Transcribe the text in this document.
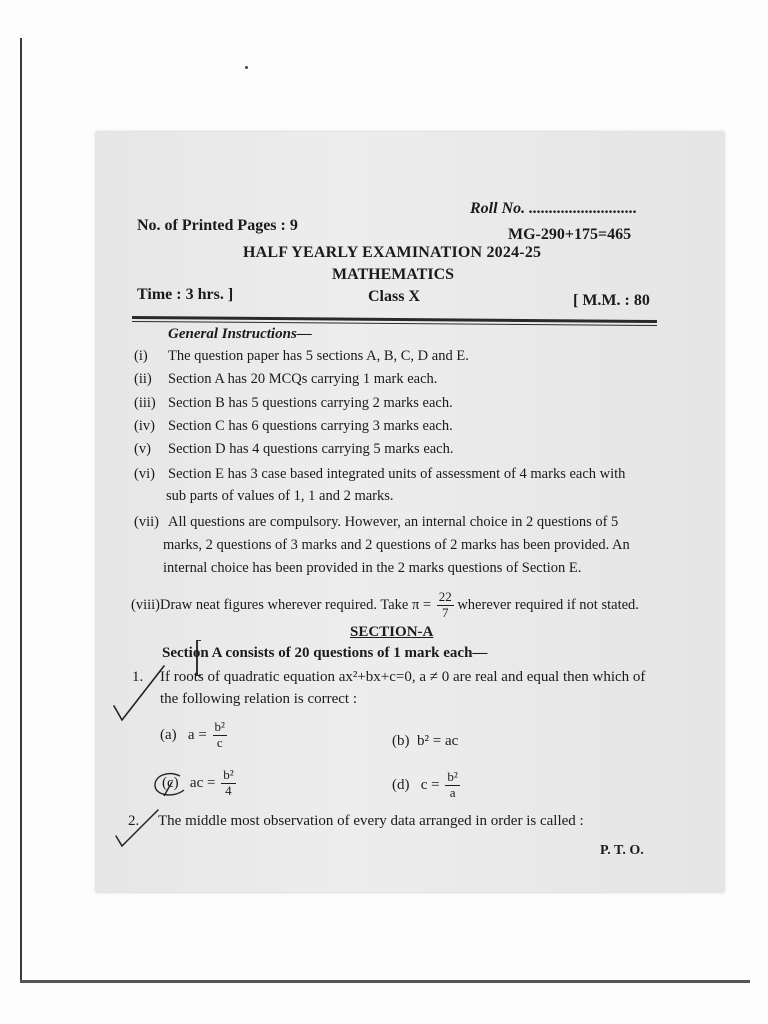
Roll No. ...........................
No. of Printed Pages : 9
MG-290+175=465
HALF YEARLY EXAMINATION 2024-25
MATHEMATICS
Time : 3 hrs. ]	Class X	[ M.M. : 80
General Instructions—
(i) The question paper has 5 sections A, B, C, D and E.
(ii) Section A has 20 MCQs carrying 1 mark each.
(iii) Section B has 5 questions carrying 2 marks each.
(iv) Section C has 6 questions carrying 3 marks each.
(v) Section D has 4 questions carrying 5 marks each.
(vi) Section E has 3 case based integrated units of assessment of 4 marks each with
sub parts of values of 1, 1 and 2 marks.
(vii) All questions are compulsory. However, an internal choice in 2 questions of 5
marks, 2 questions of 3 marks and 2 questions of 2 marks has been provided. An
internal choice has been provided in the 2 marks questions of Section E.
(viii)Draw neat figures wherever required. Take $\pi = \frac{22}{7}$ wherever required if not stated.
SECTION-A
Section A consists of 20 questions of 1 mark each—
1. If roots of quadratic equation ax²+bx+c=0, a ≠ 0 are real and equal then which of
the following relation is correct :
(a) $a = \frac{\text{b²}}{c}$	(b) b² = ac
(c) ac = $\frac{\text{b²}}{4}$	(d) $c = \frac{\text{b²}}{a}$
2. The middle most observation of every data arranged in order is called :
P. T. O.
